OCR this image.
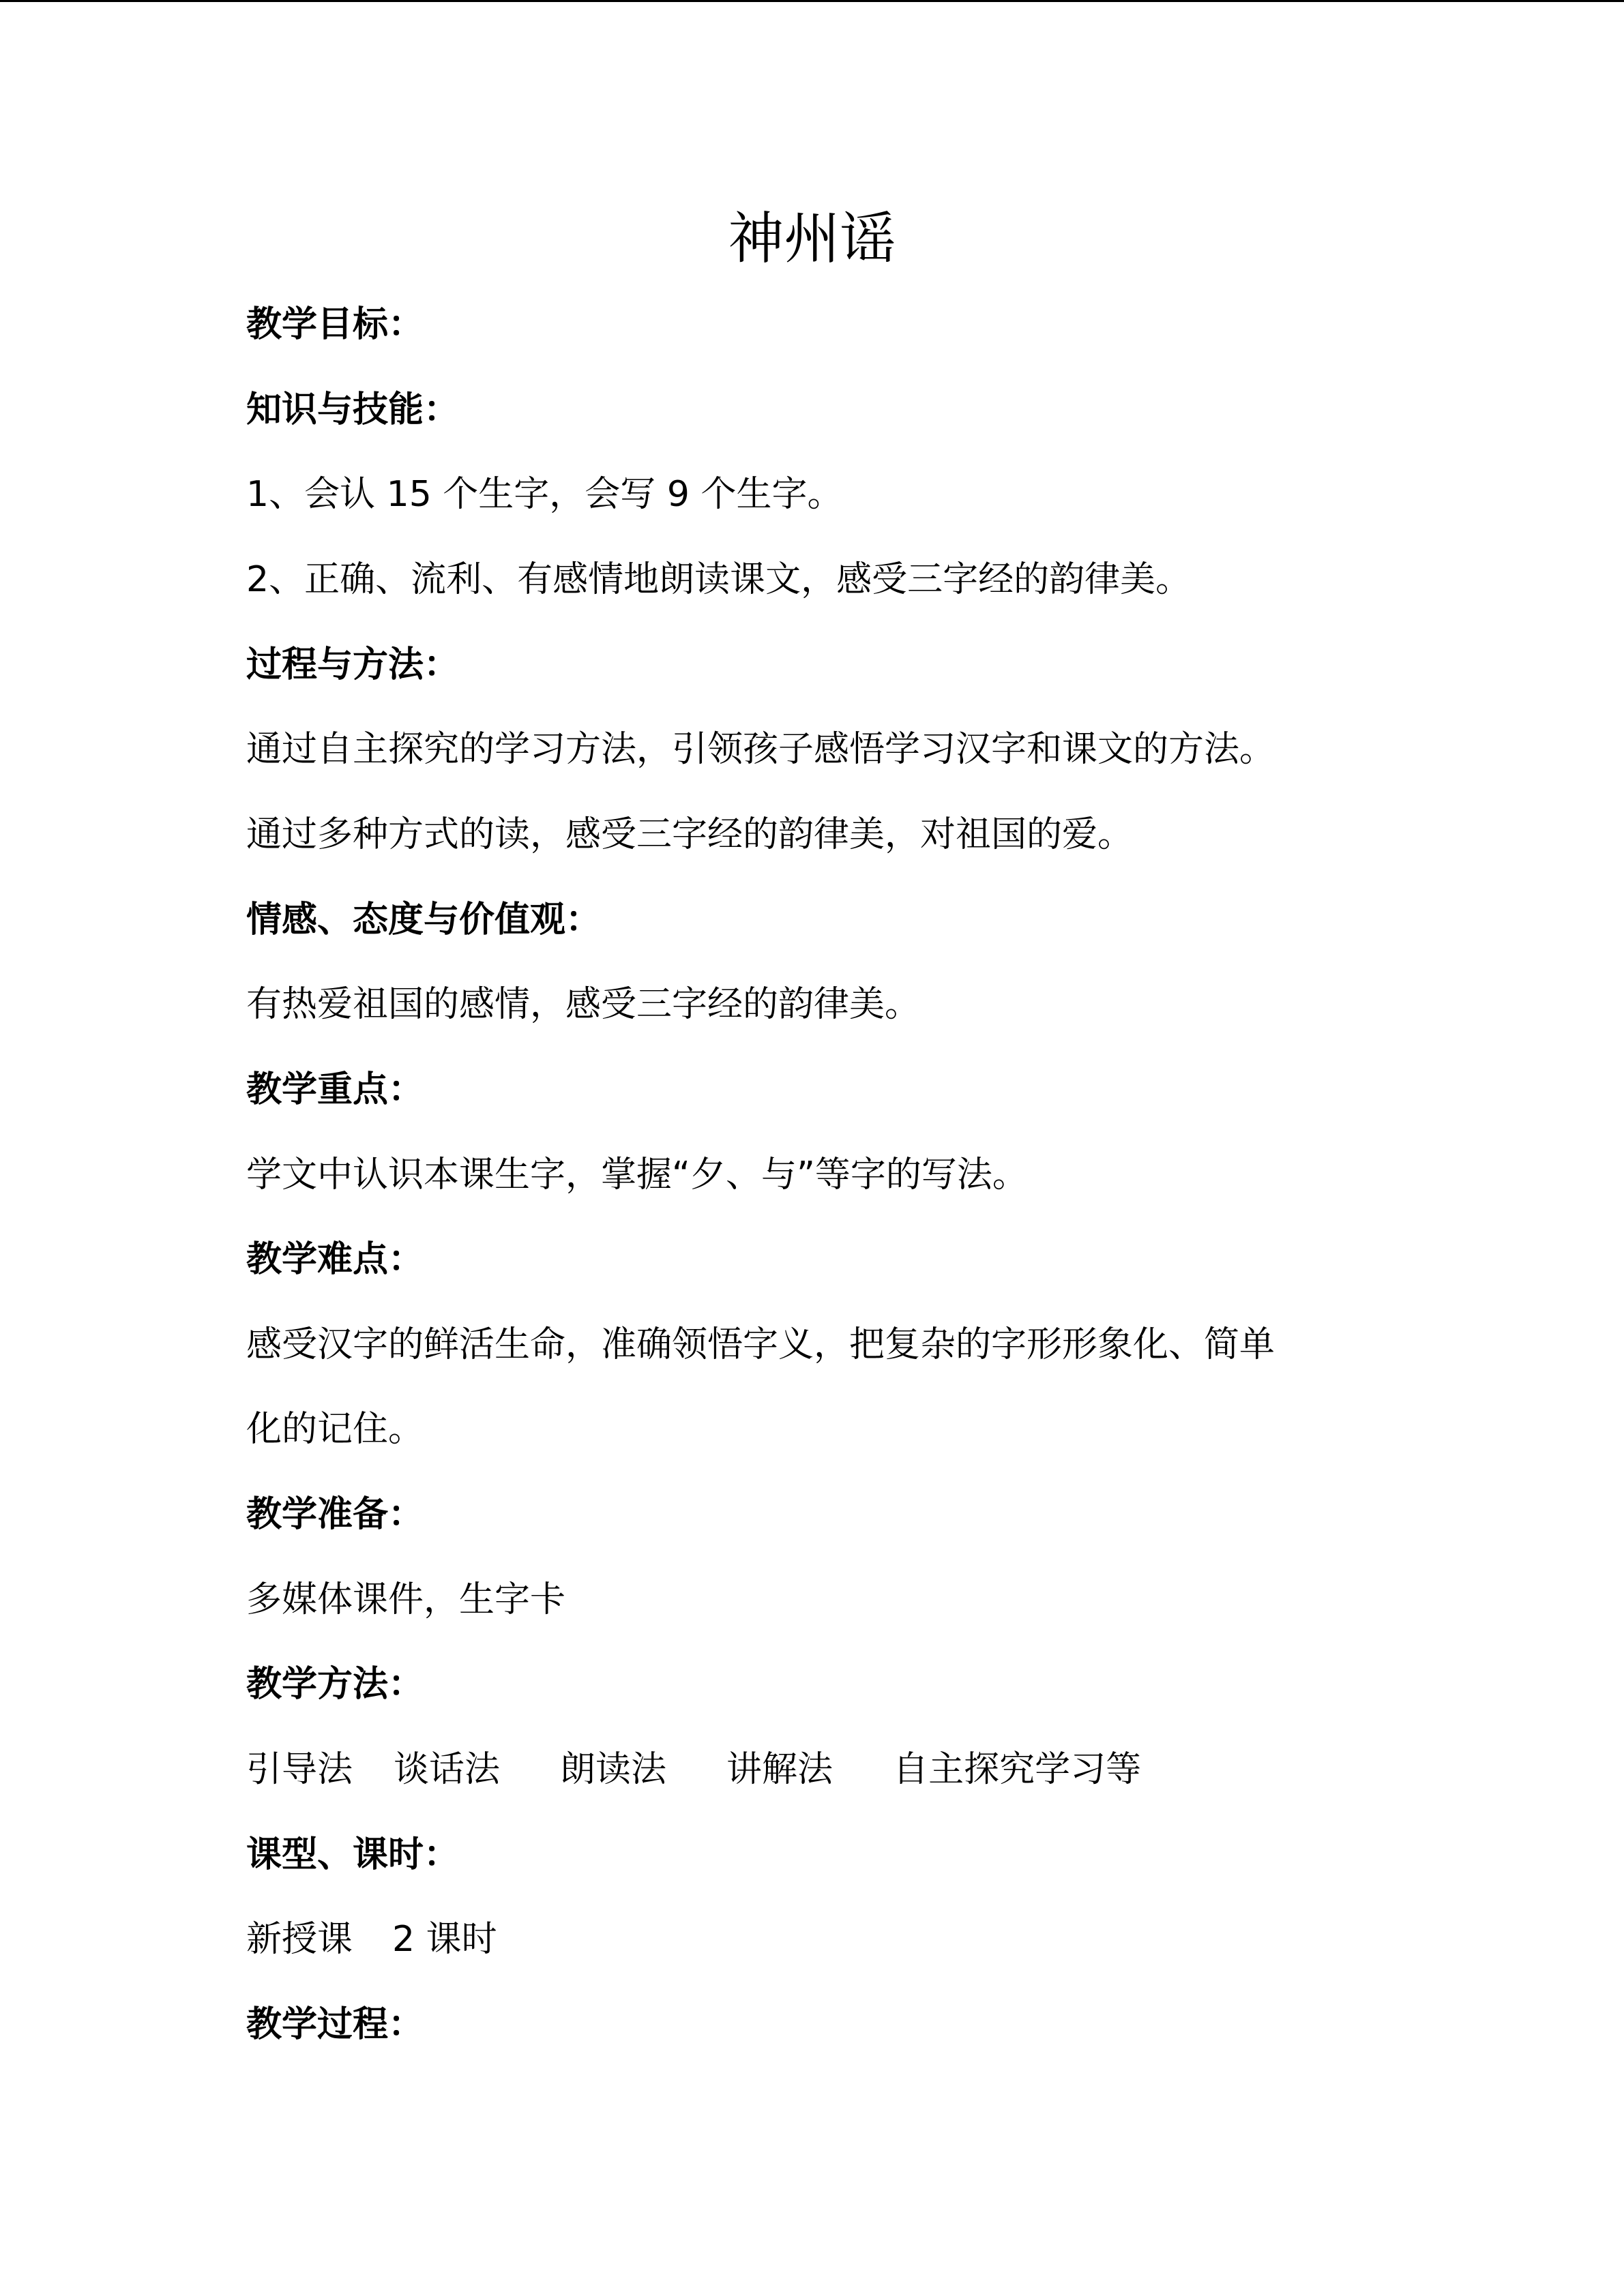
神州谣
教学目标：
知识与技能：
1、会认 15 个生字，会写 9 个生字。
2、正确、流利、有感情地朗读课文，感受三字经的韵律美。
过程与方法：
通过自主探究的学习方法，引领孩子感悟学习汉字和课文的方法。
通过多种方式的读，感受三字经的韵律美，对祖国的爱。
情感、态度与价值观：
有热爱祖国的感情，感受三字经的韵律美。
教学重点：
学文中认识本课生字，掌握“夕、与”等字的写法。
教学难点：
感受汉字的鲜活生命，准确领悟字义，把复杂的字形形象化、简单
化的记住。
教学准备：
多媒体课件，生字卡
教学方法：
引导法 谈话法 朗读法 讲解法 自主探究学习等
课型、课时：
新授课 2 课时
教学过程：
